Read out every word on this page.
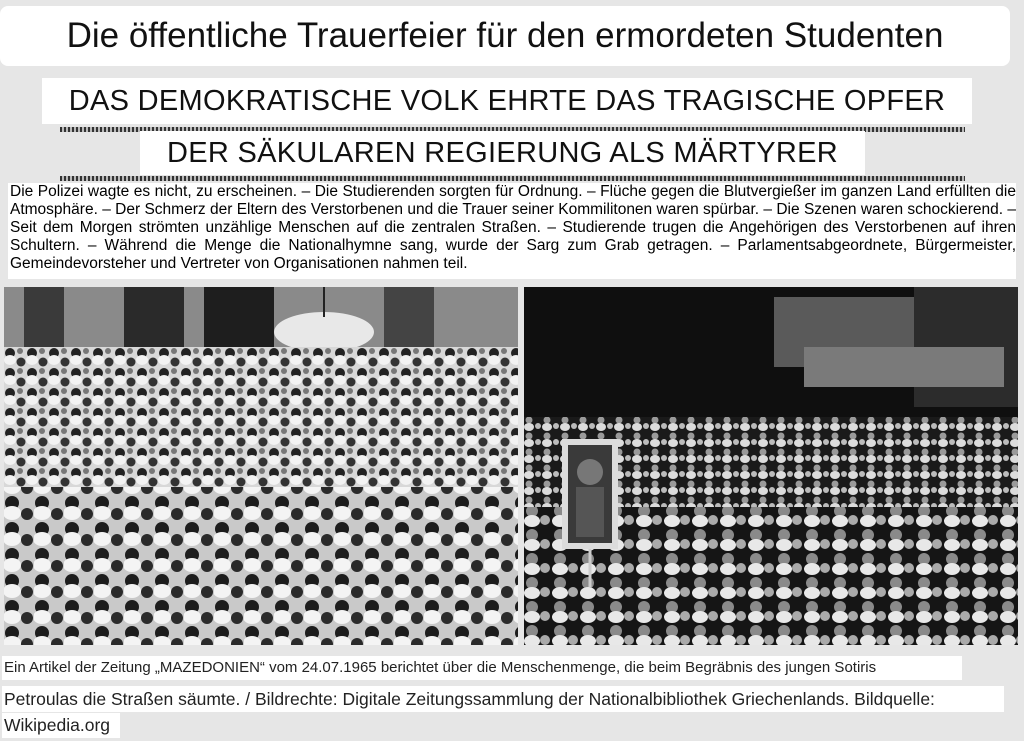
Die öffentliche Trauerfeier für den ermordeten Studenten
DAS DEMOKRATISCHE VOLK EHRTE DAS TRAGISCHE OPFER
DER SÄKULAREN REGIERUNG ALS MÄRTYRER

Die Polizei wagte es nicht, zu erscheinen. – Die Studierenden sorgten für Ordnung. – Flüche gegen die Blutvergießer im ganzen Land erfüllten die Atmosphäre. – Der Schmerz der Eltern des Verstorbenen und die Trauer seiner Kommilitonen waren spürbar. – Die Szenen waren schockierend. – Seit dem Morgen strömten unzählige Menschen auf die zentralen Straßen. – Studierende trugen die Angehörigen des Verstorbenen auf ihren Schultern. – Während die Menge die Nationalhymne sang, wurde der Sarg zum Grab getragen. – Parlamentsabgeordnete, Bürgermeister, Gemeindevorsteher und Vertreter von Organisationen nahmen teil.

Ein Artikel der Zeitung „MAZEDONIEN“ vom 24.07.1965 berichtet über die Menschenmenge, die beim Begräbnis des jungen Sotiris
Petroulas die Straßen säumte. / Bildrechte: Digitale Zeitungssammlung der Nationalbibliothek Griechenlands. Bildquelle:
Wikipedia.org
